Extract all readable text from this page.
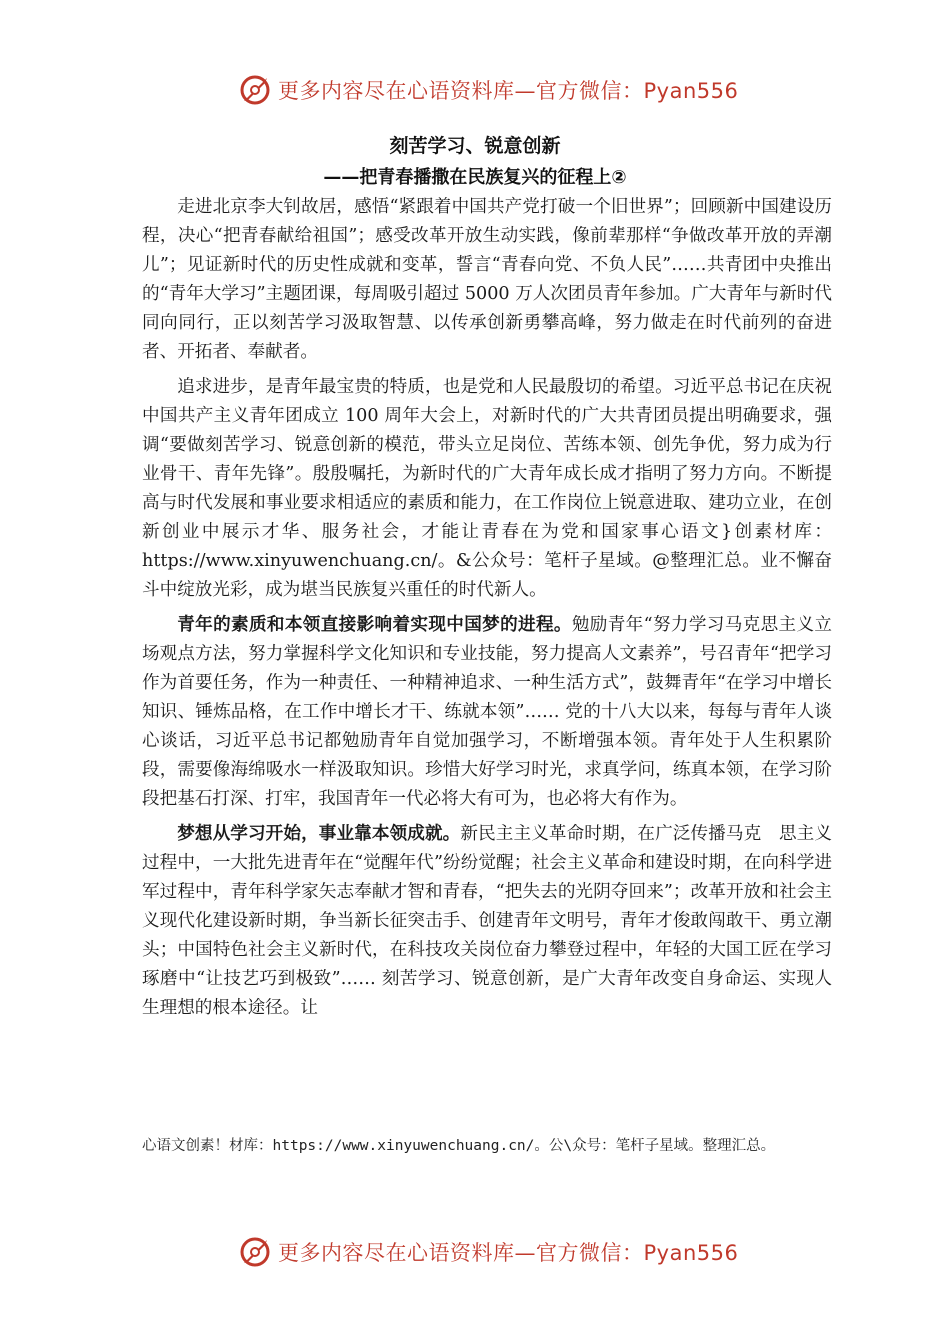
更多内容尽在心语资料库—官方微信：Pyan556
刻苦学习、锐意创新
——把青春播撒在民族复兴的征程上②

走进北京李大钊故居，感悟“紧跟着中国共产党打破一个旧世界”；回顾新中国建设历程，决心“把青春献给祖国”；感受改革开放生动实践，像前辈那样“争做改革开放的弄潮儿”；见证新时代的历史性成就和变革，誓言“青春向党、不负人民”……共青团中央推出的“青年大学习”主题团课，每周吸引超过 5000 万人次团员青年参加。广大青年与新时代同向同行，正以刻苦学习汲取智慧、以传承创新勇攀高峰，努力做走在时代前列的奋进者、开拓者、奉献者。

追求进步，是青年最宝贵的特质，也是党和人民最殷切的希望。习近平总书记在庆祝中国共产主义青年团成立 100 周年大会上，对新时代的广大共青团员提出明确要求，强调“要做刻苦学习、锐意创新的模范，带头立足岗位、苦练本领、创先争优，努力成为行业骨干、青年先锋”。殷殷嘱托，为新时代的广大青年成长成才指明了努力方向。不断提高与时代发展和事业要求相适应的素质和能力，在工作岗位上锐意进取、建功立业，在创新创业中展示才华、服务社会，才能让青春在为党和国家事心语文}创素材库：https://www.xinyuwenchuang.cn/。&公众号：笔杆子星域。@整理汇总。业不懈奋斗中绽放光彩，成为堪当民族复兴重任的时代新人。

青年的素质和本领直接影响着实现中国梦的进程。勉励青年“努力学习马克思主义立场观点方法，努力掌握科学文化知识和专业技能，努力提高人文素养”，号召青年“把学习作为首要任务，作为一种责任、一种精神追求、一种生活方式”，鼓舞青年“在学习中增长知识、锤炼品格，在工作中增长才干、练就本领”…… 党的十八大以来，每每与青年人谈心谈话，习近平总书记都勉励青年自觉加强学习，不断增强本领。青年处于人生积累阶段，需要像海绵吸水一样汲取知识。珍惜大好学习时光，求真学问，练真本领，在学习阶段把基石打深、打牢，我国青年一代必将大有可为，也必将大有作为。

梦想从学习开始，事业靠本领成就。新民主主义革命时期，在广泛传播马克　思主义过程中，一大批先进青年在“觉醒年代”纷纷觉醒；社会主义革命和建设时期，在向科学进军过程中，青年科学家矢志奉献才智和青春，“把失去的光阴夺回来”；改革开放和社会主义现代化建设新时期，争当新长征突击手、创建青年文明号，青年才俊敢闯敢干、勇立潮头；中国特色社会主义新时代，在科技攻关岗位奋力攀登过程中，年轻的大国工匠在学习琢磨中“让技艺巧到极致”…… 刻苦学习、锐意创新，是广大青年改变自身命运、实现人生理想的根本途径。让

心语文创素！材库：https://www.xinyuwenchuang.cn/。公\众号：笔杆子星域。整理汇总。
更多内容尽在心语资料库—官方微信：Pyan556
